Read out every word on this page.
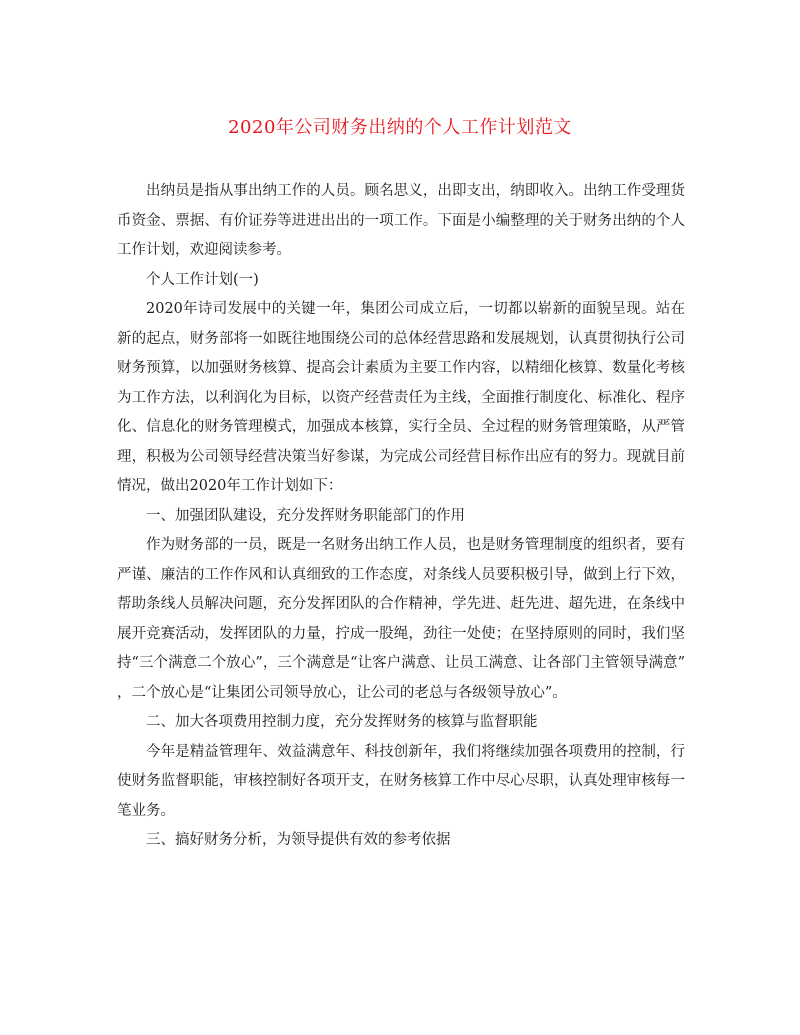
2020年公司财务出纳的个人工作计划范文

出纳员是指从事出纳工作的人员。顾名思义，出即支出，纳即收入。出纳工作受理货币资金、票据、有价证券等进进出出的一项工作。下面是小编整理的关于财务出纳的个人工作计划，欢迎阅读参考。

个人工作计划(一)

2020年诗司发展中的关键一年，集团公司成立后，一切都以崭新的面貌呈现。站在新的起点，财务部将一如既往地围绕公司的总体经营思路和发展规划，认真贯彻执行公司财务预算，以加强财务核算、提高会计素质为主要工作内容，以精细化核算、数量化考核为工作方法，以利润化为目标，以资产经营责任为主线，全面推行制度化、标准化、程序化、信息化的财务管理模式，加强成本核算，实行全员、全过程的财务管理策略，从严管理，积极为公司领导经营决策当好参谋，为完成公司经营目标作出应有的努力。现就目前情况，做出2020年工作计划如下：

一、加强团队建设，充分发挥财务职能部门的作用

作为财务部的一员，既是一名财务出纳工作人员，也是财务管理制度的组织者，要有严谨、廉洁的工作作风和认真细致的工作态度，对条线人员要积极引导，做到上行下效，帮助条线人员解决问题，充分发挥团队的合作精神，学先进、赶先进、超先进，在条线中展开竞赛活动，发挥团队的力量，拧成一股绳，劲往一处使；在坚持原则的同时，我们坚持“三个满意二个放心”，三个满意是“让客户满意、让员工满意、让各部门主管领导满意”，二个放心是“让集团公司领导放心，让公司的老总与各级领导放心”。

二、加大各项费用控制力度，充分发挥财务的核算与监督职能

今年是精益管理年、效益满意年、科技创新年，我们将继续加强各项费用的控制，行使财务监督职能，审核控制好各项开支，在财务核算工作中尽心尽职，认真处理审核每一笔业务。

三、搞好财务分析，为领导提供有效的参考依据
